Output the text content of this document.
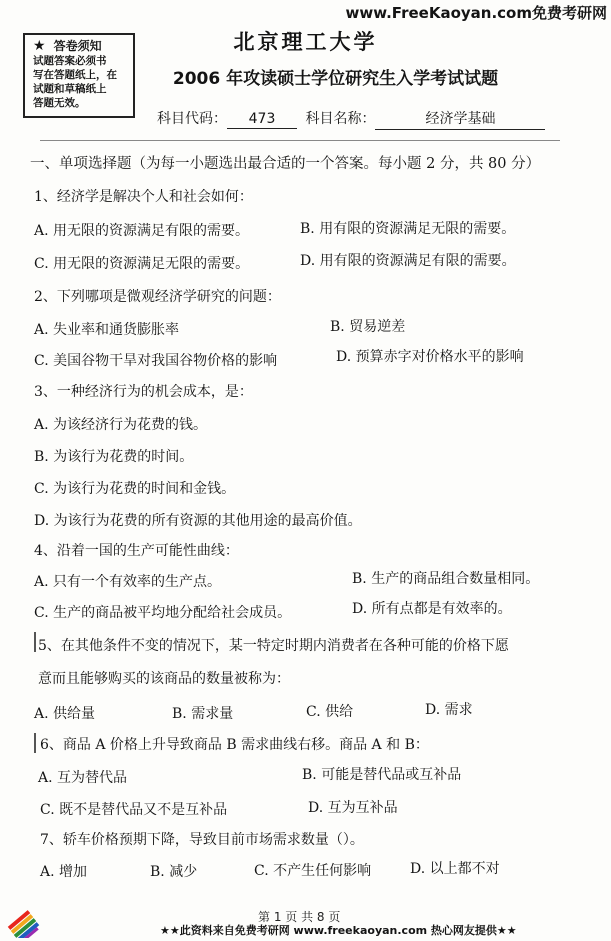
www.FreeKaoyan.com免费考研网
★ 答卷须知
试题答案必须书
写在答题纸上，在
试题和草稿纸上
答题无效。
北京理工大学
2006 年攻读硕士学位研究生入学考试试题
科目代码： 473 科目名称：	经济学基础
一、单项选择题（为每一小题选出最合适的一个答案。每小题 2 分，共 80 分）
1、经济学是解决个人和社会如何：
A. 用无限的资源满足有限的需要。	B. 用有限的资源满足无限的需要。
C. 用无限的资源满足无限的需要。	D. 用有限的资源满足有限的需要。
2、下列哪项是微观经济学研究的问题：
A. 失业率和通货膨胀率	B. 贸易逆差
C. 美国谷物干旱对我国谷物价格的影响	D. 预算赤字对价格水平的影响
3、一种经济行为的机会成本，是：
A. 为该经济行为花费的钱。
B. 为该行为花费的时间。
C. 为该行为花费的时间和金钱。
D. 为该行为花费的所有资源的其他用途的最高价值。
4、沿着一国的生产可能性曲线：
A. 只有一个有效率的生产点。	B. 生产的商品组合数量相同。
C. 生产的商品被平均地分配给社会成员。	D. 所有点都是有效率的。
5、在其他条件不变的情况下，某一特定时期内消费者在各种可能的价格下愿
意而且能够购买的该商品的数量被称为：
A. 供给量	B. 需求量	C. 供给	D. 需求
6、商品 A 价格上升导致商品 B 需求曲线右移。商品 A 和 B：
A. 互为替代品	B. 可能是替代品或互补品
C. 既不是替代品又不是互补品	D. 互为互补品
7、轿车价格预期下降，导致目前市场需求数量（）。
A. 增加	B. 减少	C. 不产生任何影响	D. 以上都不对
第 1 页 共 8 页
★★此资料来自免费考研网 www.freekaoyan.com 热心网友提供★★
